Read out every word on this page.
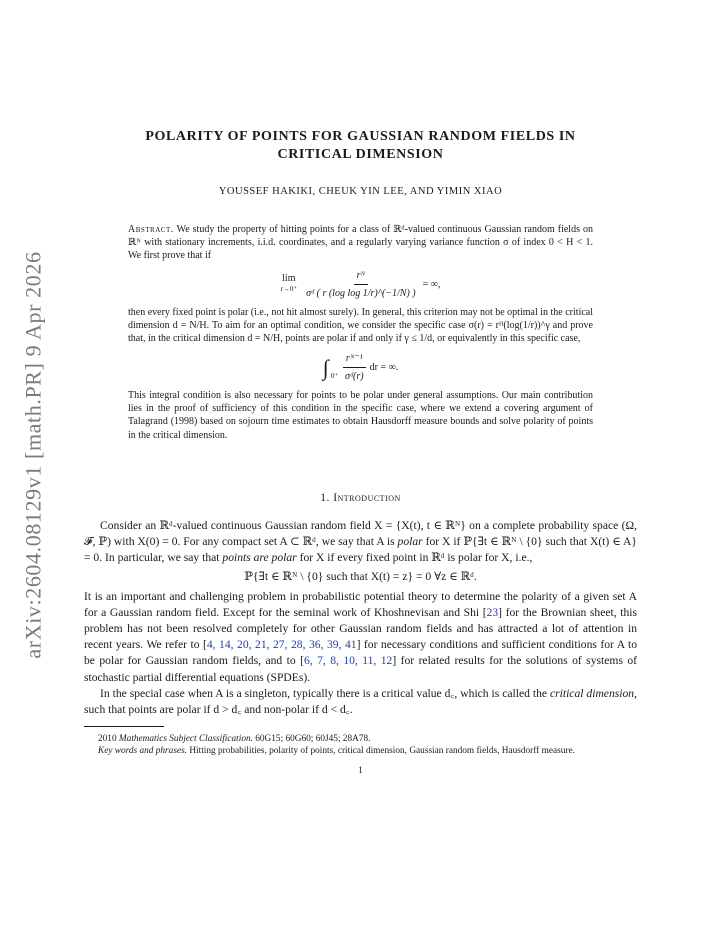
arXiv:2604.08129v1 [math.PR] 9 Apr 2026
POLARITY OF POINTS FOR GAUSSIAN RANDOM FIELDS IN
CRITICAL DIMENSION
YOUSSEF HAKIKI, CHEUK YIN LEE, AND YIMIN XIAO

Abstract. We study the property of hitting points for a class of ℝᵈ-valued continuous Gaussian random fields on ℝᴺ with stationary increments, i.i.d. coordinates, and a regularly varying variance function σ of index 0 < H < 1. We first prove that if

lim
$r\to 0^+ \frac{\text{rᴺ}}{\text{σᵈ ( r (log log 1/r)\textasciicircum{}(−1/N) )}}$ = ∞,

then every fixed point is polar (i.e., not hit almost surely). In general, this criterion may not be optimal in the critical dimension d = N/H. To aim for an optimal condition, we consider the specific case σ(r) = rᴴ(log(1/r))^γ and prove that, in the critical dimension d = N/H, points are polar if and only if γ ≤ 1/d, or equivalently in this specific case,

∫ $0^+ \frac{\text{rᴺ⁻¹}}{\text{σᵈ(r)}}$ dr = ∞.

This integral condition is also necessary for points to be polar under general assumptions. Our main contribution lies in the proof of sufficiency of this condition in the specific case, where we extend a covering argument of Talagrand (1998) based on sojourn time estimates to obtain Hausdorff measure bounds and solve polarity of points in the critical dimension.

1. Introduction

Consider an ℝᵈ-valued continuous Gaussian random field X = {X(t), t ∈ ℝᴺ} on a complete probability space (Ω, 𝓕, ℙ) with X(0) = 0. For any compact set A ⊂ ℝᵈ, we say that A is polar for X if ℙ{∃t ∈ ℝᴺ \ {0} such that X(t) ∈ A} = 0. In particular, we say that points are polar for X if every fixed point in ℝᵈ is polar for X, i.e.,

ℙ{∃t ∈ ℝᴺ \ {0} such that X(t) = z} = 0 ∀z ∈ ℝᵈ.

It is an important and challenging problem in probabilistic potential theory to determine the polarity of a given set A for a Gaussian random field. Except for the seminal work of Khoshnevisan and Shi [23] for the Brownian sheet, this problem has not been resolved completely for other Gaussian random fields and has attracted a lot of attention in recent years. We refer to [4, 14, 20, 21, 27, 28, 36, 39, 41] for necessary conditions and sufficient conditions for A to be polar for Gaussian random fields, and to [6, 7, 8, 10, 11, 12] for related results for the solutions of systems of stochastic partial differential equations (SPDEs).

In the special case when A is a singleton, typically there is a critical value d꜀, which is called the critical dimension, such that points are polar if d > d꜀ and non-polar if d < d꜀.

2010 Mathematics Subject Classification. 60G15; 60G60; 60J45; 28A78.

Key words and phrases. Hitting probabilities, polarity of points, critical dimension, Gaussian random fields, Hausdorff measure.

1
